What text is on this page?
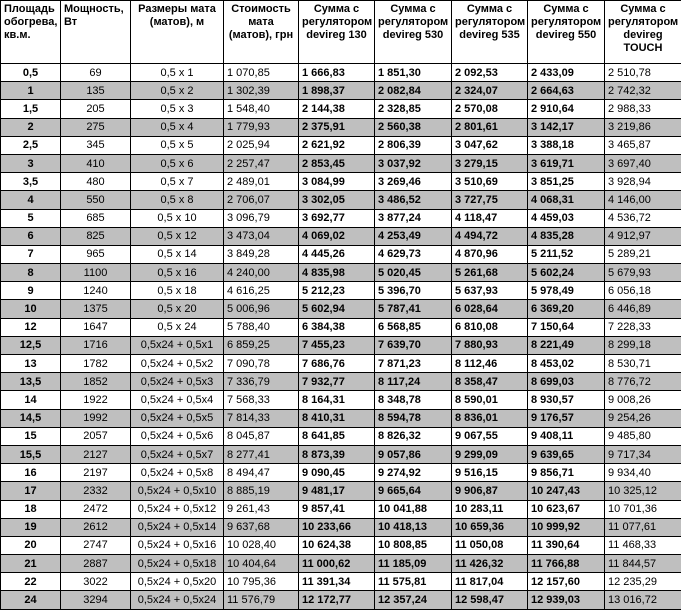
Площадь обогрева, кв.м.	Мощность, Вт	Размеры мата (матов), м	Стоимость мата (матов), грн	Сумма с регулятором devireg 130	Сумма с регулятором devireg 530	Сумма с регулятором devireg 535	Сумма с регулятором devireg 550	Сумма с регулятором devireg TOUCH
0,5	69	0,5 x 1	1 070,85	1 666,83	1 851,30	2 092,53	2 433,09	2 510,78
1	135	0,5 x 2	1 302,39	1 898,37	2 082,84	2 324,07	2 664,63	2 742,32
1,5	205	0,5 x 3	1 548,40	2 144,38	2 328,85	2 570,08	2 910,64	2 988,33
2	275	0,5 x 4	1 779,93	2 375,91	2 560,38	2 801,61	3 142,17	3 219,86
2,5	345	0,5 x 5	2 025,94	2 621,92	2 806,39	3 047,62	3 388,18	3 465,87
3	410	0,5 x 6	2 257,47	2 853,45	3 037,92	3 279,15	3 619,71	3 697,40
3,5	480	0,5 x 7	2 489,01	3 084,99	3 269,46	3 510,69	3 851,25	3 928,94
4	550	0,5 x 8	2 706,07	3 302,05	3 486,52	3 727,75	4 068,31	4 146,00
5	685	0,5 x 10	3 096,79	3 692,77	3 877,24	4 118,47	4 459,03	4 536,72
6	825	0,5 x 12	3 473,04	4 069,02	4 253,49	4 494,72	4 835,28	4 912,97
7	965	0,5 x 14	3 849,28	4 445,26	4 629,73	4 870,96	5 211,52	5 289,21
8	1100	0,5 x 16	4 240,00	4 835,98	5 020,45	5 261,68	5 602,24	5 679,93
9	1240	0,5 x 18	4 616,25	5 212,23	5 396,70	5 637,93	5 978,49	6 056,18
10	1375	0,5 x 20	5 006,96	5 602,94	5 787,41	6 028,64	6 369,20	6 446,89
12	1647	0,5 x 24	5 788,40	6 384,38	6 568,85	6 810,08	7 150,64	7 228,33
12,5	1716	0,5x24 + 0,5x1	6 859,25	7 455,23	7 639,70	7 880,93	8 221,49	8 299,18
13	1782	0,5x24 + 0,5x2	7 090,78	7 686,76	7 871,23	8 112,46	8 453,02	8 530,71
13,5	1852	0,5x24 + 0,5x3	7 336,79	7 932,77	8 117,24	8 358,47	8 699,03	8 776,72
14	1922	0,5x24 + 0,5x4	7 568,33	8 164,31	8 348,78	8 590,01	8 930,57	9 008,26
14,5	1992	0,5x24 + 0,5x5	7 814,33	8 410,31	8 594,78	8 836,01	9 176,57	9 254,26
15	2057	0,5x24 + 0,5x6	8 045,87	8 641,85	8 826,32	9 067,55	9 408,11	9 485,80
15,5	2127	0,5x24 + 0,5x7	8 277,41	8 873,39	9 057,86	9 299,09	9 639,65	9 717,34
16	2197	0,5x24 + 0,5x8	8 494,47	9 090,45	9 274,92	9 516,15	9 856,71	9 934,40
17	2332	0,5x24 + 0,5x10	8 885,19	9 481,17	9 665,64	9 906,87	10 247,43	10 325,12
18	2472	0,5x24 + 0,5x12	9 261,43	9 857,41	10 041,88	10 283,11	10 623,67	10 701,36
19	2612	0,5x24 + 0,5x14	9 637,68	10 233,66	10 418,13	10 659,36	10 999,92	11 077,61
20	2747	0,5x24 + 0,5x16	10 028,40	10 624,38	10 808,85	11 050,08	11 390,64	11 468,33
21	2887	0,5x24 + 0,5x18	10 404,64	11 000,62	11 185,09	11 426,32	11 766,88	11 844,57
22	3022	0,5x24 + 0,5x20	10 795,36	11 391,34	11 575,81	11 817,04	12 157,60	12 235,29
24	3294	0,5x24 + 0,5x24	11 576,79	12 172,77	12 357,24	12 598,47	12 939,03	13 016,72
